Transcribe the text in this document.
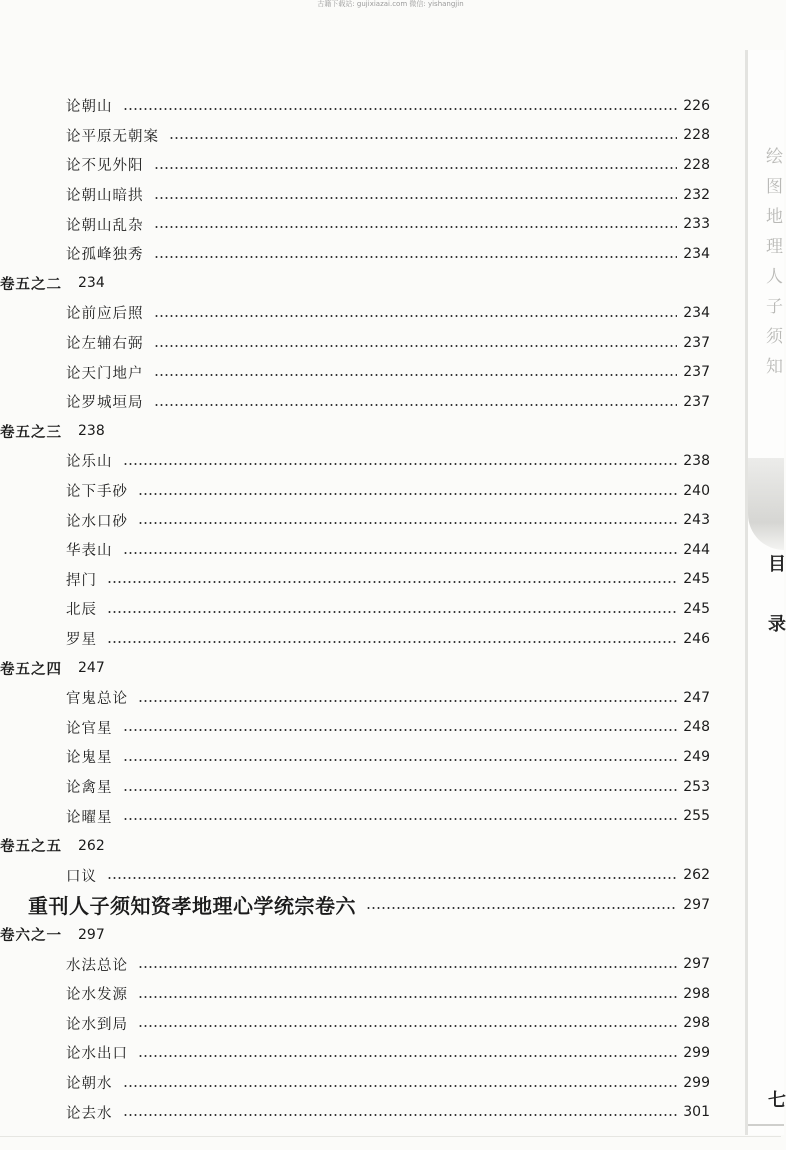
古籍下载站: gujixiazai.com 微信: yishangjin
论朝山	226
论平原无朝案	228
论不见外阳	228
论朝山暗拱	232
论朝山乱杂	233
论孤峰独秀	234
卷五之二 234
论前应后照	234
论左辅右弼	237
论天门地户	237
论罗城垣局	237
卷五之三 238
论乐山	238
论下手砂	240
论水口砂	243
华表山	244
捍门	245
北辰	245
罗星	246
卷五之四 247
官鬼总论	247
论官星	248
论鬼星	249
论禽星	253
论曜星	255
卷五之五 262
口议	262
重刊人子须知资孝地理心学统宗卷六	297
卷六之一 297
水法总论	297
论水发源	298
论水到局	298
论水出口	299
论朝水	299
论去水	301
绘
图
地
理
人
子
须
知
目
录
七
